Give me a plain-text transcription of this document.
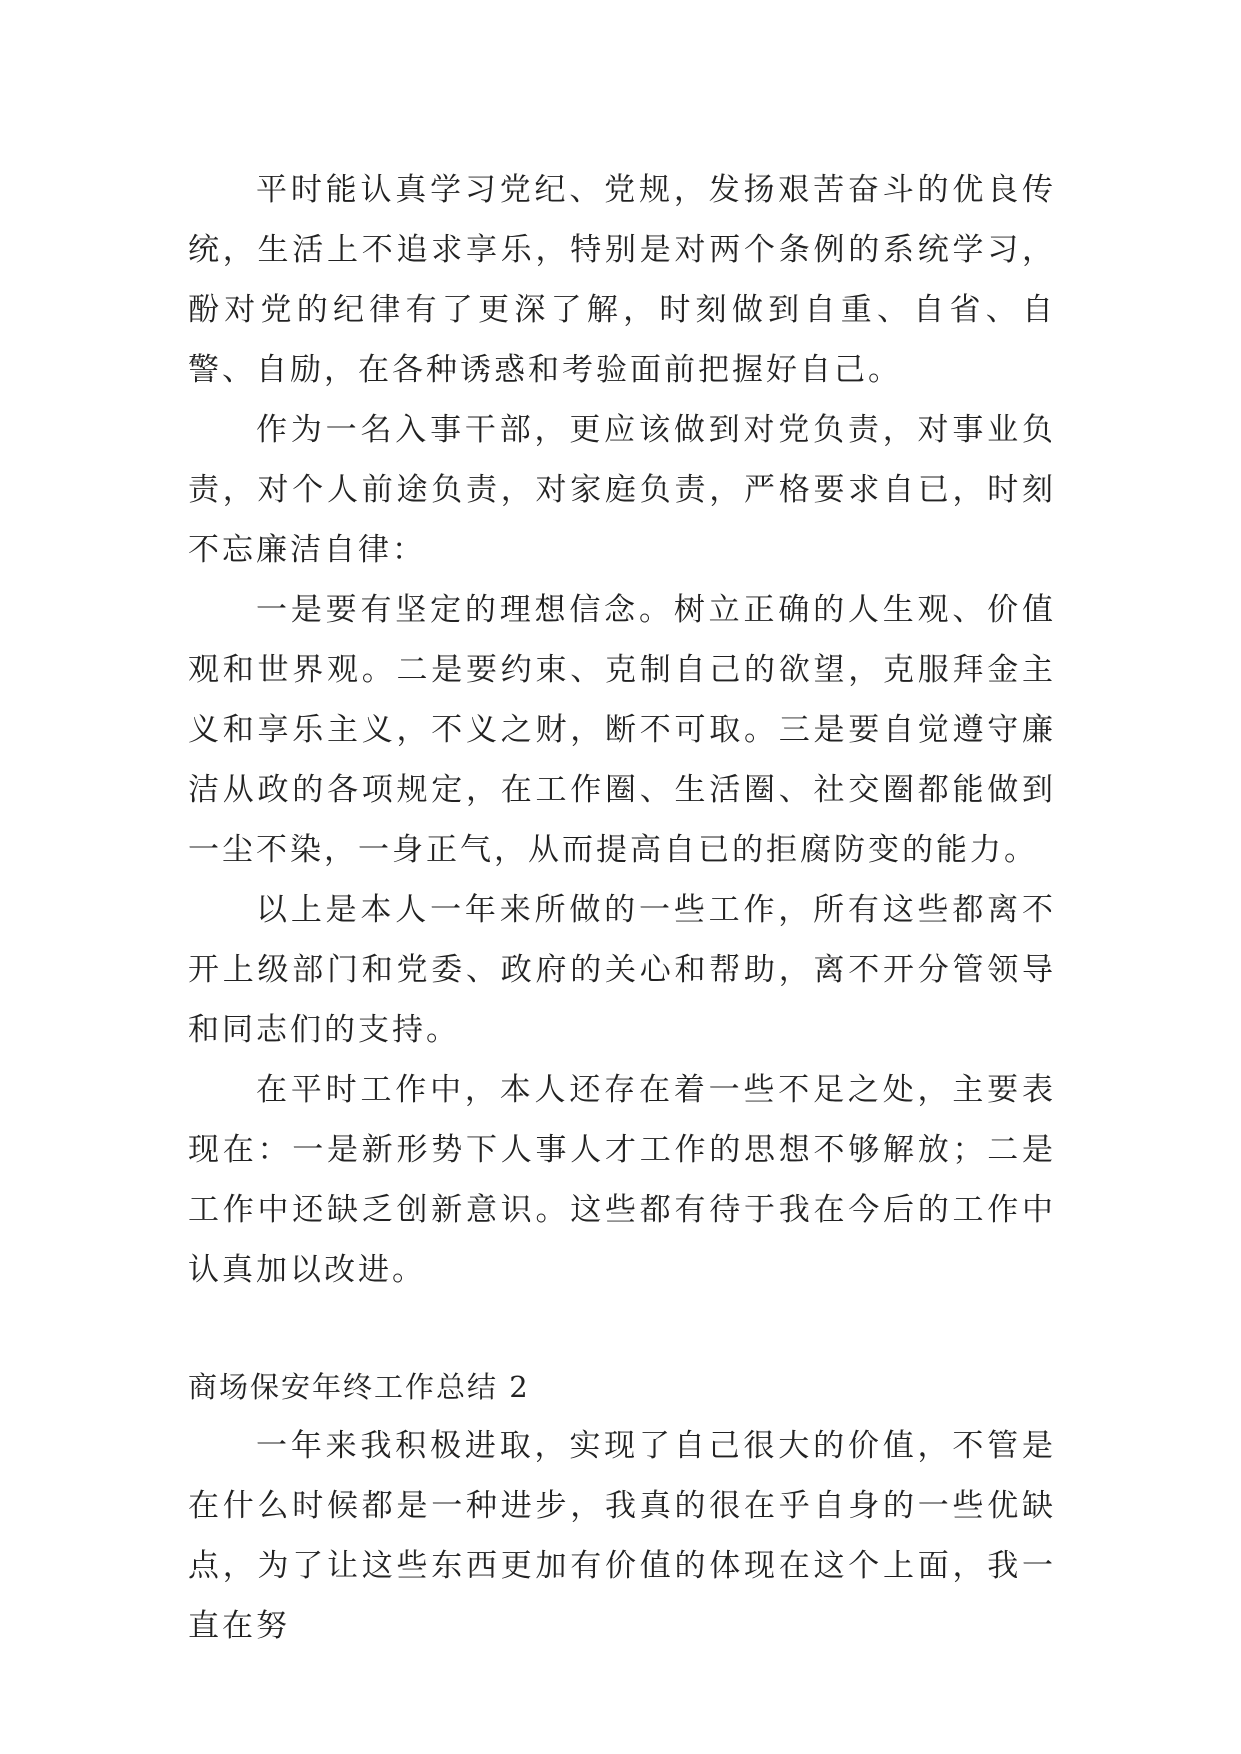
平时能认真学习党纪、党规，发扬艰苦奋斗的优良传统，生活上不追求享乐，特别是对两个条例的系统学习，酚对党的纪律有了更深了解，时刻做到自重、自省、自警、自励，在各种诱惑和考验面前把握好自己。

作为一名入事干部，更应该做到对党负责，对事业负责，对个人前途负责，对家庭负责，严格要求自已，时刻不忘廉洁自律：

一是要有坚定的理想信念。树立正确的人生观、价值观和世界观。二是要约束、克制自己的欲望，克服拜金主义和享乐主义，不义之财，断不可取。三是要自觉遵守廉洁从政的各项规定，在工作圈、生活圈、社交圈都能做到一尘不染，一身正气，从而提高自已的拒腐防变的能力。

以上是本人一年来所做的一些工作，所有这些都离不开上级部门和党委、政府的关心和帮助，离不开分管领导和同志们的支持。

在平时工作中，本人还存在着一些不足之处，主要表现在：一是新形势下人事人才工作的思想不够解放；二是工作中还缺乏创新意识。这些都有待于我在今后的工作中认真加以改进。

商场保安年终工作总结 2

一年来我积极进取，实现了自己很大的价值，不管是在什么时候都是一种进步，我真的很在乎自身的一些优缺点，为了让这些东西更加有价值的体现在这个上面，我一直在努
